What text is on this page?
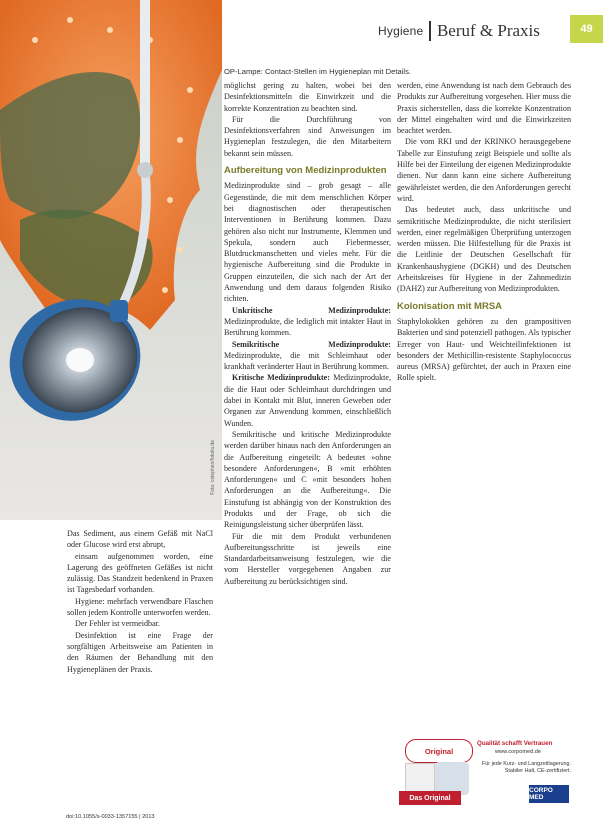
Foto: cstephen/fotolia.de
Hygiene Beruf & Praxis	49
OP-Lampe: Contact-Stellen im Hygieneplan mit Details.

Das Sediment, aus einem Gefäß mit NaCl oder Glucose wird erst abrupt,

einsam aufgenommen worden, eine Lagerung des geöffneten Gefäßes ist nicht zulässig. Das Standzeit bedenkend in Praxen ist Tagesbedarf vorhanden.

Hygiene: mehrfach verwendbare Flaschen sollen jedem Kontrolle unterworfen werden.

Der Fehler ist vermeidbar.

Desinfektion ist eine Frage der sorgfältigen Arbeitsweise am Patienten in den Räumen der Behandlung mit den Hygieneplänen der Praxis.

möglichst gering zu halten, wobei bei den Desinfektionsmitteln die Einwirkzeit und die korrekte Konzentration zu beachten sind.

Für die Durchführung von Desinfektionsverfahren sind Anweisungen im Hygieneplan festzulegen, die den Mitarbeitern bekannt sein müssen.

Aufbereitung von Medizinprodukten

Medizinprodukte sind – grob gesagt – alle Gegenstände, die mit dem menschlichen Körper bei diagnostischen oder therapeutischen Interventionen in Berührung kommen. Dazu gehören also nicht nur Instrumente, Klemmen und Spekula, sondern auch Fiebermesser, Blutdruckmanschetten und vieles mehr. Für die hygienische Aufbereitung sind die Produkte in Gruppen einzuteilen, die sich nach der Art der Anwendung und dem daraus folgenden Risiko richten.

Unkritische Medizinprodukte: Medizinprodukte, die lediglich mit intakter Haut in Berührung kommen.

Semikritische Medizinprodukte: Medizinprodukte, die mit Schleimhaut oder krankhaft veränderter Haut in Berührung kommen.

Kritische Medizinprodukte: Medizinprodukte, die die Haut oder Schleimhaut durchdringen und dabei in Kontakt mit Blut, inneren Geweben oder Organen zur Anwendung kommen, einschließlich Wunden.

Semikritische und kritische Medizinprodukte werden darüber hinaus nach den Anforderungen an die Aufbereitung eingeteilt: A bedeutet »ohne besondere Anforderungen«, B »mit erhöhten Anforderungen« und C »mit besonders hohen Anforderungen an die Aufbereitung«. Die Einstufung ist abhängig von der Konstruktion des Produkts und der Frage, ob sich die Reinigungsleistung sicher überprüfen lässt.

Für die mit dem Produkt verbundenen Aufbereitungsschritte ist jeweils eine Standardarbeitsanweisung festzulegen, wie die vom Hersteller vorgegebenen Angaben zur Aufbereitung zu berücksichtigen sind.

werden, eine Anwendung ist nach dem Gebrauch des Produkts zur Aufbereitung vorgesehen. Hier muss die Praxis sicherstellen, dass die korrekte Konzentration der Mittel eingehalten wird und die Einwirkzeiten beachtet werden.

Die vom RKI und der KRINKO herausgegebene Tabelle zur Einstufung zeigt Beispiele und sollte als Hilfe bei der Einteilung der eigenen Medizinprodukte dienen. Nur dann kann eine sichere Aufbereitung gewährleistet werden, die den Anforderungen gerecht wird.

Das bedeutet auch, dass unkritische und semikritische Medizinprodukte, die nicht sterilisiert werden, einer regelmäßigen Überprüfung unterzogen werden müssen. Die Hilfestellung für die Praxis ist die Leitlinie der Deutschen Gesellschaft für Krankenhaushygiene (DGKH) und des Deutschen Arbeitskreises für Hygiene in der Zahnmedizin (DAHZ) zur Aufbereitung von Medizinprodukten.

Kolonisation mit MRSA

Staphylokokken gehören zu den grampositiven Bakterien und sind potenziell pathogen. Als typischer Erreger von Haut- und Weichteilinfektionen ist besonders der Methicillin-resistente Staphylococcus aureus (MRSA) gefürchtet, der auch in Praxen eine Rolle spielt.

Original
Qualität schafft Vertrauen
www.corpomed.de
Für jede Kurz- und Langzeitlagerung. Stabiler Halt, CE-zertifiziert.
Das Original
CORPO MED
doi:10.1055/s-0033-1357155 | 2013
